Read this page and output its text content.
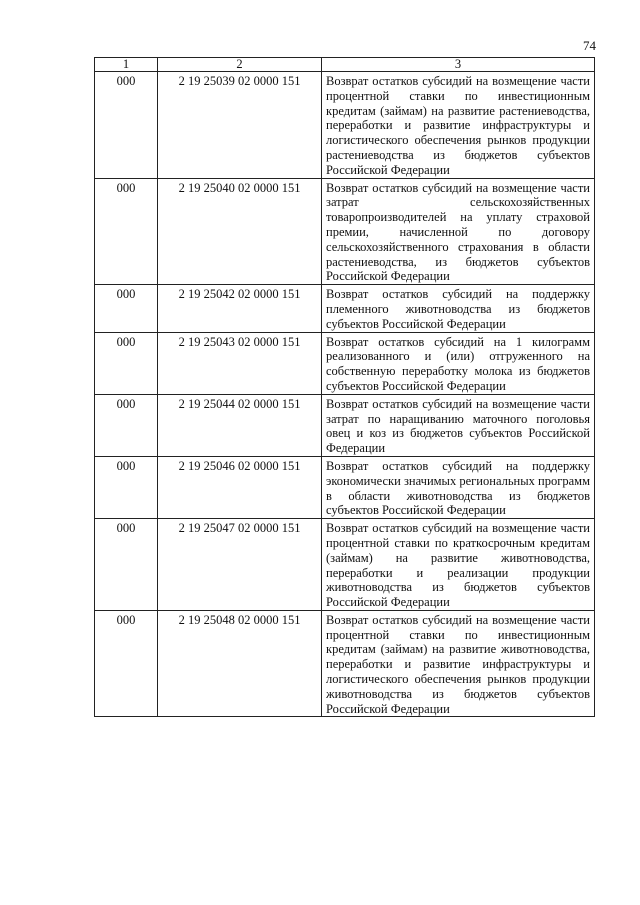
74
1	2	3
000	2 19 25039 02 0000 151	Возврат остатков субсидий на возмещение части процентной ставки по инвестиционным кредитам (займам) на развитие растениеводства, переработки и развитие инфраструктуры и логистического обеспечения рынков продукции растениеводства из бюджетов субъектов Российской Федерации
000	2 19 25040 02 0000 151	Возврат остатков субсидий на возмещение части затрат сельскохозяйственных товаропроизводителей на уплату страховой премии, начисленной по договору сельскохозяйственного страхования в области растениеводства, из бюджетов субъектов Российской Федерации
000	2 19 25042 02 0000 151	Возврат остатков субсидий на поддержку племенного животноводства из бюджетов субъектов Российской Федерации
000	2 19 25043 02 0000 151	Возврат остатков субсидий на 1 килограмм реализованного и (или) отгруженного на собственную переработку молока из бюджетов субъектов Российской Федерации
000	2 19 25044 02 0000 151	Возврат остатков субсидий на возмещение части затрат по наращиванию маточного поголовья овец и коз из бюджетов субъектов Российской Федерации
000	2 19 25046 02 0000 151	Возврат остатков субсидий на поддержку экономически значимых региональных программ в области животноводства из бюджетов субъектов Российской Федерации
000	2 19 25047 02 0000 151	Возврат остатков субсидий на возмещение части процентной ставки по краткосрочным кредитам (займам) на развитие животноводства, переработки и реализации продукции животноводства из бюджетов субъектов Российской Федерации
000	2 19 25048 02 0000 151	Возврат остатков субсидий на возмещение части процентной ставки по инвестиционным кредитам (займам) на развитие животноводства, переработки и развитие инфраструктуры и логистического обеспечения рынков продукции животноводства из бюджетов субъектов Российской Федерации
